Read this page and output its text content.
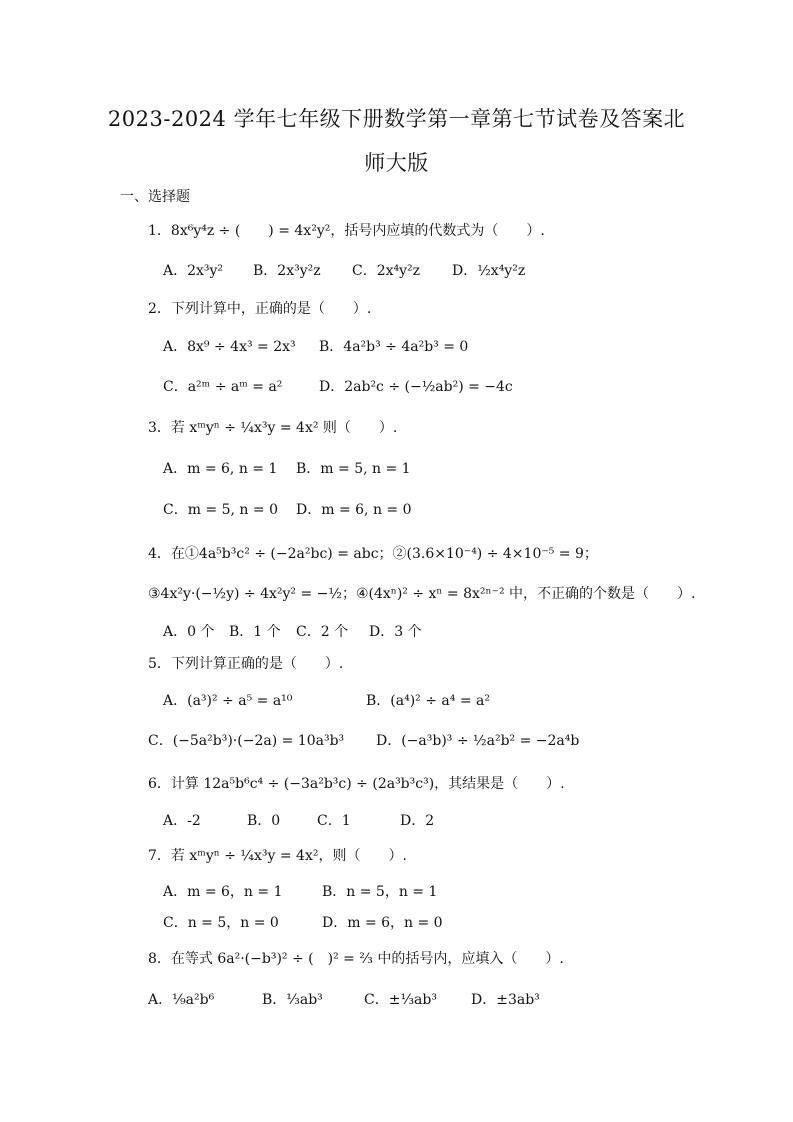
2023-2024 学年七年级下册数学第一章第七节试卷及答案北
师大版
一、选择题
1．8x⁶y⁴z ÷ (　　) = 4x²y²，括号内应填的代数式为（　　）.
A．2x³y² B．2x³y²z C．2x⁴y²z D．½x⁴y²z
2．下列计算中，正确的是（　　）.
A．8x⁹ ÷ 4x³ = 2x³ B．4a²b³ ÷ 4a²b³ = 0
C．a²ᵐ ÷ aᵐ = a²	D．2ab²c ÷ (−½ab²) = −4c
3．若 xᵐyⁿ ÷ ¼x³y = 4x² 则（　　）.
A．m = 6, n = 1 B．m = 5, n = 1
C．m = 5, n = 0 D．m = 6, n = 0
4．在①4a⁵b³c² ÷ (−2a²bc) = abc；②(3.6×10⁻⁴) ÷ 4×10⁻⁵ = 9；
③4x²y·(−½y) ÷ 4x²y² = −½；④(4xⁿ)² ÷ xⁿ = 8x²ⁿ⁻² 中，不正确的个数是（　　）.
A．0 个 B．1 个 C．2 个 D．3 个
5．下列计算正确的是（　　）.
A．(a³)² ÷ a⁵ = a¹⁰	B．(a⁴)² ÷ a⁴ = a²
C．(−5a²b³)·(−2a) = 10a³b³ D．(−a³b)³ ÷ ½a²b² = −2a⁴b
6．计算 12a⁵b⁶c⁴ ÷ (−3a²b³c) ÷ (2a³b³c³)，其结果是（　　）.
A．-2	B．0	C．1	D．2
7．若 xᵐyⁿ ÷ ¼x³y = 4x²，则（　　）.
A．m = 6，n = 1	B．n = 5，n = 1
C．n = 5，n = 0	D．m = 6，n = 0
8．在等式 6a²·(−b³)² ÷ (　)² = ⅔ 中的括号内，应填入（　　）.
A．⅑a²b⁶	B．⅓ab³	C．±⅓ab³ D．±3ab³
